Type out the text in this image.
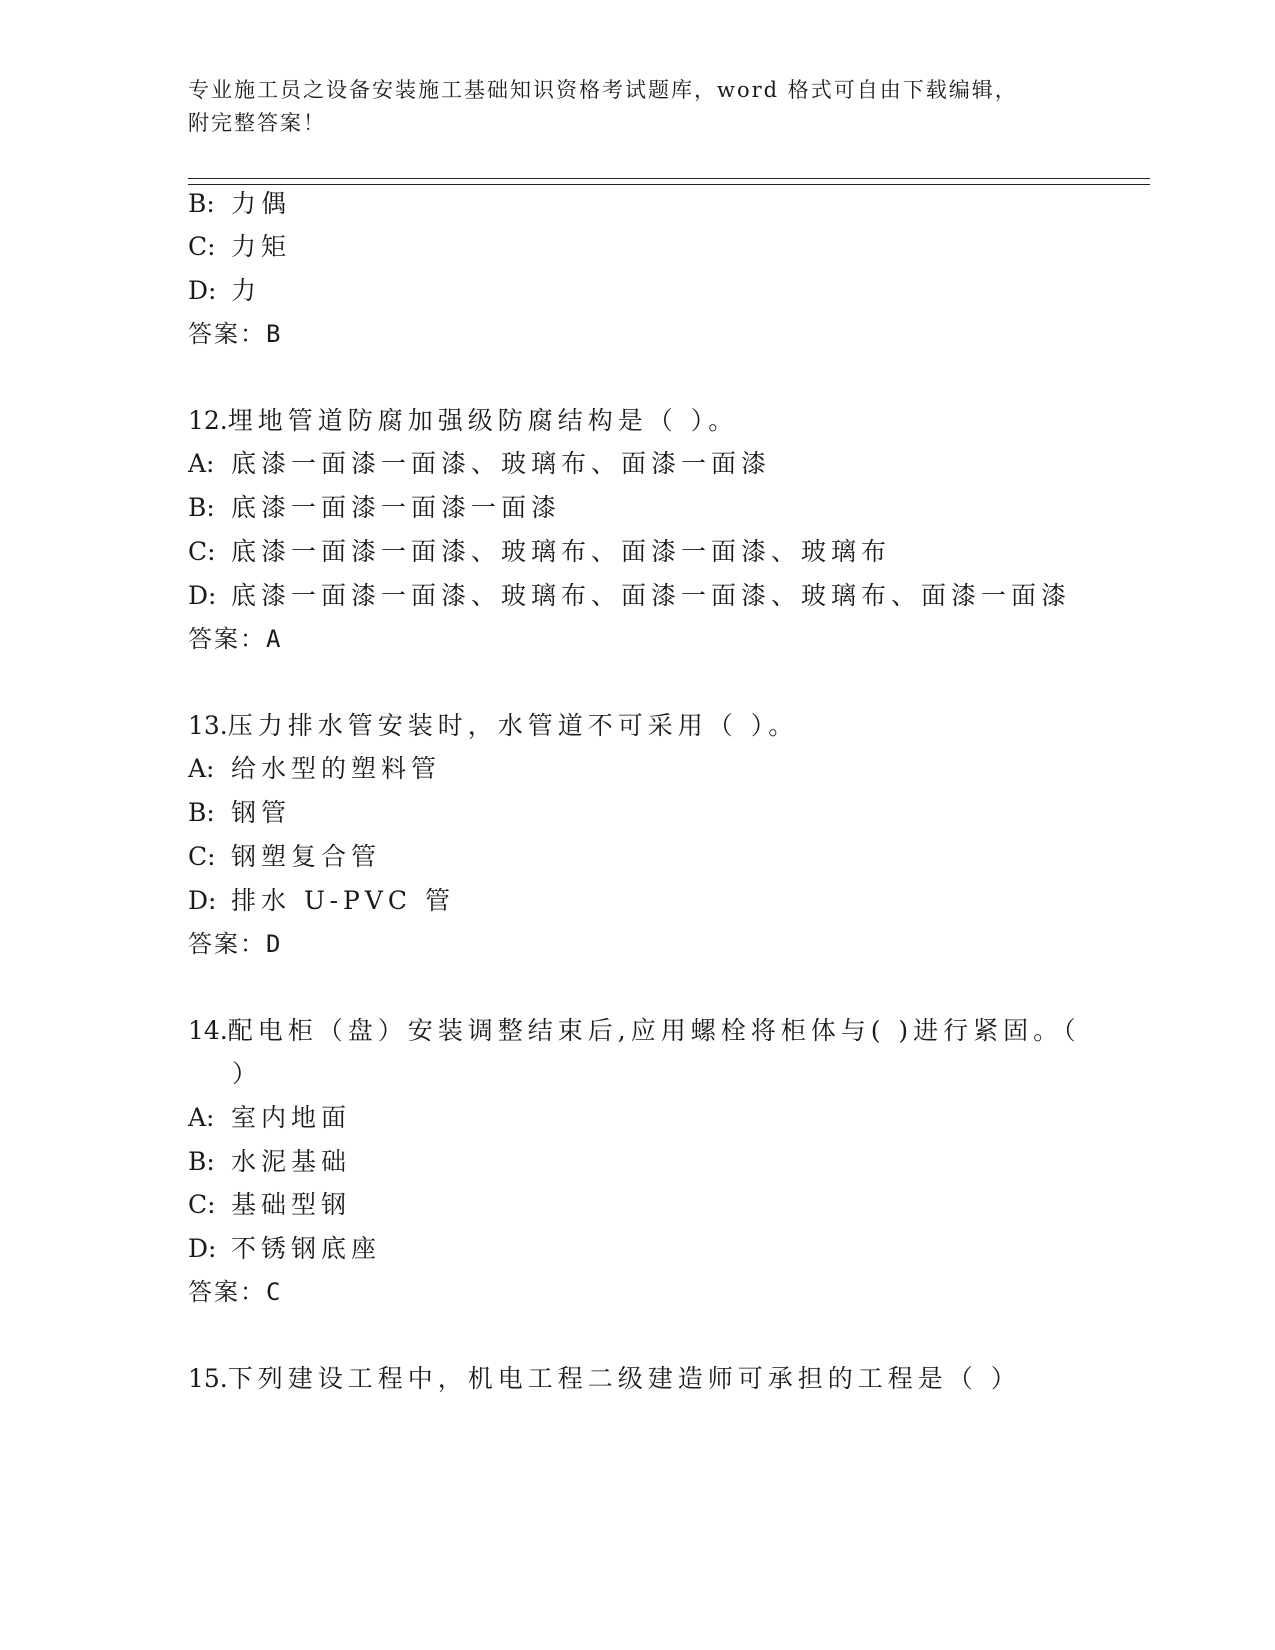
专业施工员之设备安装施工基础知识资格考试题库，word 格式可自由下载编辑，
附完整答案！
B: 力偶
C: 力矩
D: 力
答案：B
12.埋地管道防腐加强级防腐结构是（ ）。
A: 底漆一面漆一面漆、玻璃布、面漆一面漆
B: 底漆一面漆一面漆一面漆
C: 底漆一面漆一面漆、玻璃布、面漆一面漆、玻璃布
D: 底漆一面漆一面漆、玻璃布、面漆一面漆、玻璃布、面漆一面漆
答案：A
13.压力排水管安装时，水管道不可采用（ ）。
A: 给水型的塑料管
B: 钢管
C: 钢塑复合管
D: 排水 U-PVC 管
答案：D
14.配电柜（盘）安装调整结束后,应用螺栓将柜体与( )进行紧固。（
）
A: 室内地面
B: 水泥基础
C: 基础型钢
D: 不锈钢底座
答案：C
15.下列建设工程中，机电工程二级建造师可承担的工程是（ ）
